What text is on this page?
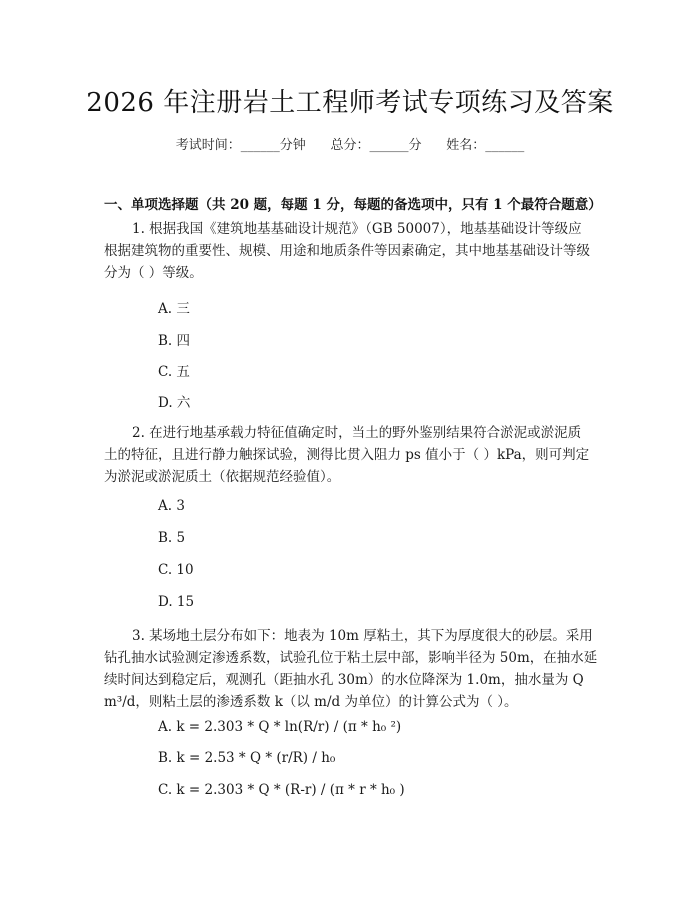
2026 年注册岩土工程师考试专项练习及答案
考试时间：______分钟      总分：______分      姓名：______
一、单项选择题（共 20 题，每题 1 分，每题的备选项中，只有 1 个最符合题意）
1. 根据我国《建筑地基基础设计规范》（GB 50007），地基基础设计等级应
根据建筑物的重要性、规模、用途和地质条件等因素确定，其中地基基础设计等级
分为（ ）等级。
A. 三
B. 四
C. 五
D. 六
2. 在进行地基承载力特征值确定时，当土的野外鉴别结果符合淤泥或淤泥质
土的特征，且进行静力触探试验，测得比贯入阻力 ps 值小于（ ）kPa，则可判定
为淤泥或淤泥质土（依据规范经验值）。
A. 3
B. 5
C. 10
D. 15
3. 某场地土层分布如下：地表为 10m 厚粘土，其下为厚度很大的砂层。采用
钻孔抽水试验测定渗透系数，试验孔位于粘土层中部，影响半径为 50m，在抽水延
续时间达到稳定后，观测孔（距抽水孔 30m）的水位降深为 1.0m，抽水量为 Q
m³/d，则粘土层的渗透系数 k（以 m/d 为单位）的计算公式为（ ）。
A. k = 2.303 * Q * ln(R/r) / (π * h₀ ²)
B. k = 2.53 * Q * (r/R) / h₀
C. k = 2.303 * Q * (R-r) / (π * r * h₀ )
